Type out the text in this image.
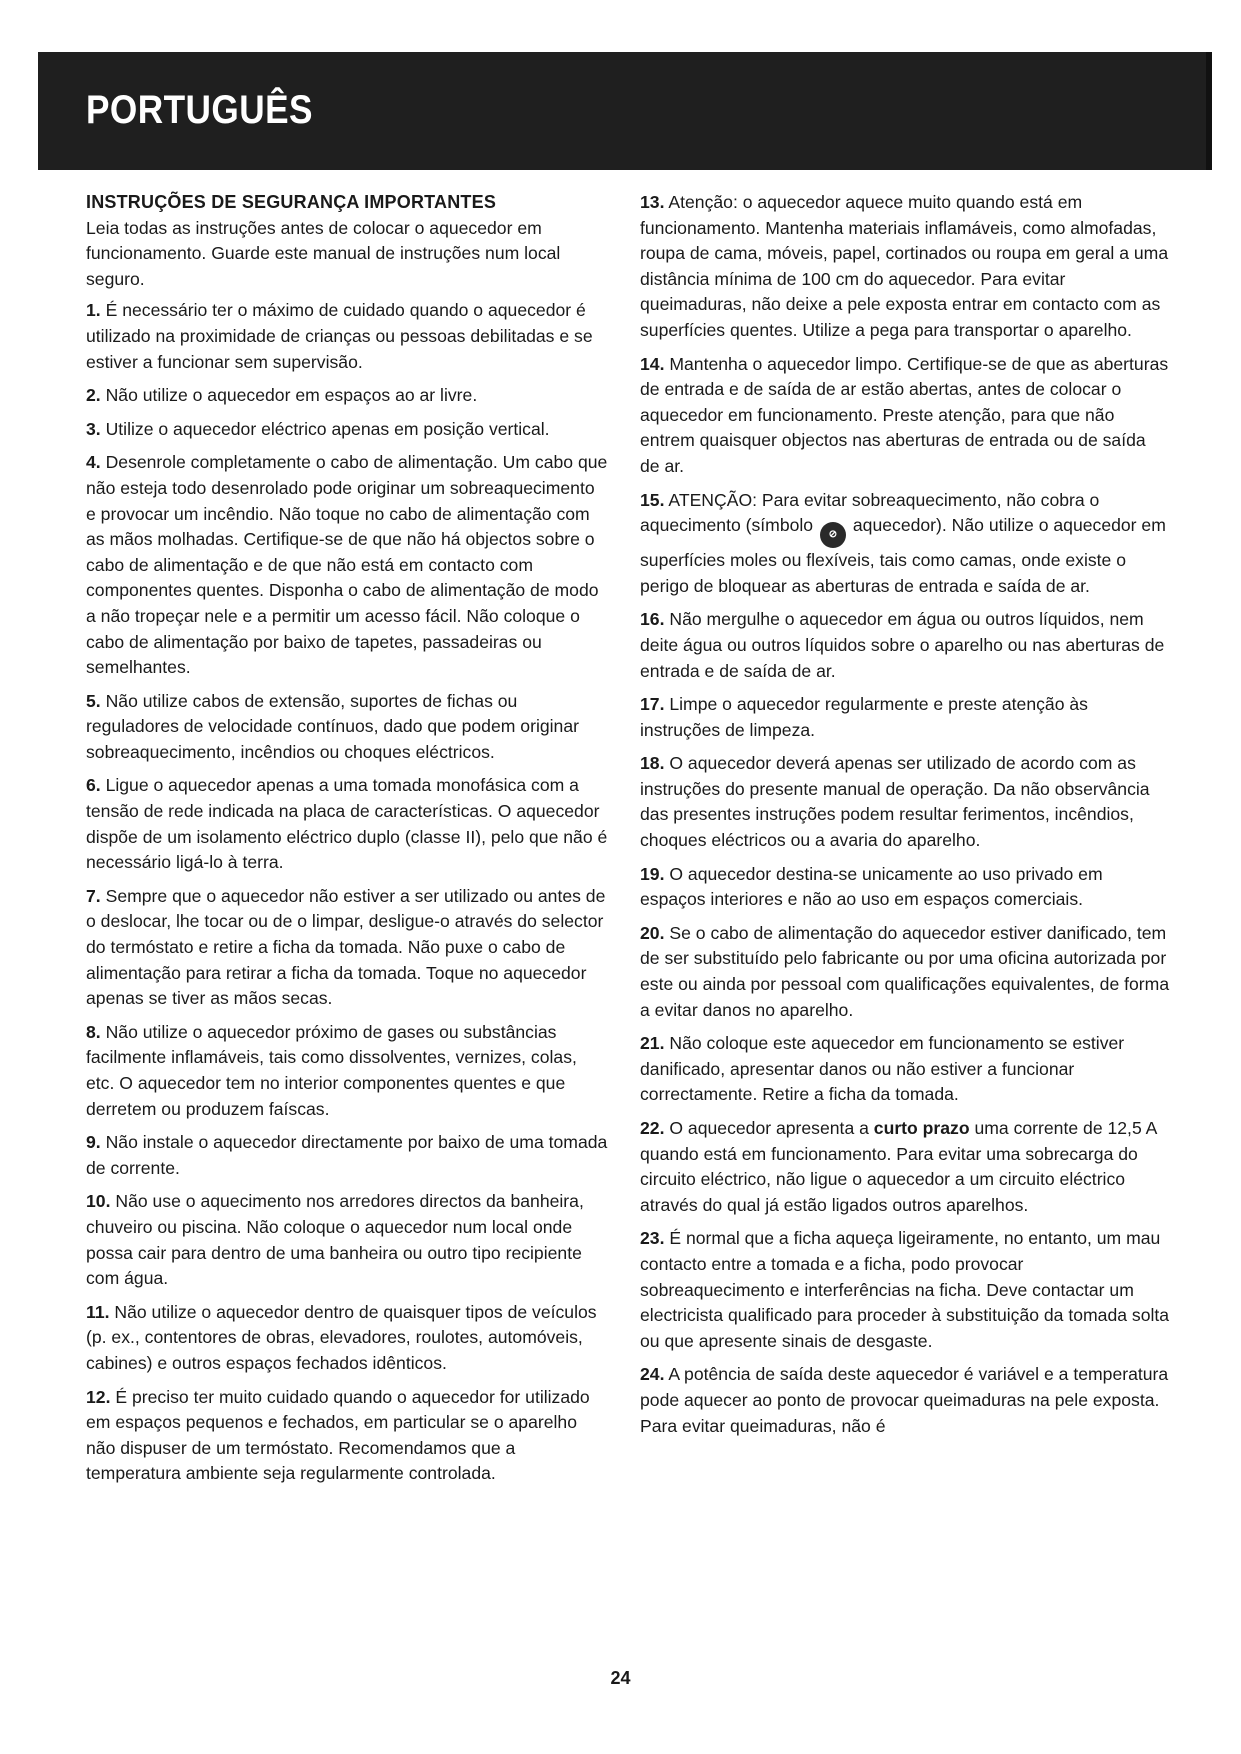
PORTUGUÊS
INSTRUÇÕES DE SEGURANÇA IMPORTANTES

Leia todas as instruções antes de colocar o aquecedor em funcionamento. Guarde este manual de instruções num local seguro.

1. É necessário ter o máximo de cuidado quando o aquecedor é utilizado na proximidade de crianças ou pessoas debilitadas e se estiver a funcionar sem supervisão.

2. Não utilize o aquecedor em espaços ao ar livre.

3. Utilize o aquecedor eléctrico apenas em posição vertical.

4. Desenrole completamente o cabo de alimentação. Um cabo que não esteja todo desenrolado pode originar um sobreaquecimento e provocar um incêndio. Não toque no cabo de alimentação com as mãos molhadas. Certifique-se de que não há objectos sobre o cabo de alimentação e de que não está em contacto com componentes quentes. Disponha o cabo de alimentação de modo a não tropeçar nele e a permitir um acesso fácil. Não coloque o cabo de alimentação por baixo de tapetes, passadeiras ou semelhantes.

5. Não utilize cabos de extensão, suportes de fichas ou reguladores de velocidade contínuos, dado que podem originar sobreaquecimento, incêndios ou choques eléctricos.

6. Ligue o aquecedor apenas a uma tomada monofásica com a tensão de rede indicada na placa de características. O aquecedor dispõe de um isolamento eléctrico duplo (classe II), pelo que não é necessário ligá-lo à terra.

7. Sempre que o aquecedor não estiver a ser utilizado ou antes de o deslocar, lhe tocar ou de o limpar, desligue-o através do selector do termóstato e retire a ficha da tomada. Não puxe o cabo de alimentação para retirar a ficha da tomada. Toque no aquecedor apenas se tiver as mãos secas.

8. Não utilize o aquecedor próximo de gases ou substâncias facilmente inflamáveis, tais como dissolventes, vernizes, colas, etc. O aquecedor tem no interior componentes quentes e que derretem ou produzem faíscas.

9. Não instale o aquecedor directamente por baixo de uma tomada de corrente.

10. Não use o aquecimento nos arredores directos da banheira, chuveiro ou piscina. Não coloque o aquecedor num local onde possa cair para dentro de uma banheira ou outro tipo recipiente com água.

11. Não utilize o aquecedor dentro de quaisquer tipos de veículos (p. ex., contentores de obras, elevadores, roulotes, automóveis, cabines) e outros espaços fechados idênticos.

12. É preciso ter muito cuidado quando o aquecedor for utilizado em espaços pequenos e fechados, em particular se o aparelho não dispuser de um termóstato. Recomendamos que a temperatura ambiente seja regularmente controlada.

13. Atenção: o aquecedor aquece muito quando está em funcionamento. Mantenha materiais inflamáveis, como almofadas, roupa de cama, móveis, papel, cortinados ou roupa em geral a uma distância mínima de 100 cm do aquecedor. Para evitar queimaduras, não deixe a pele exposta entrar em contacto com as superfícies quentes. Utilize a pega para transportar o aparelho.

14. Mantenha o aquecedor limpo. Certifique-se de que as aberturas de entrada e de saída de ar estão abertas, antes de colocar o aquecedor em funcionamento. Preste atenção, para que não entrem quaisquer objectos nas aberturas de entrada ou de saída de ar.

15. ATENÇÃO: Para evitar sobreaquecimento, não cobra o aquecimento (símbolo ⊘ aquecedor). Não utilize o aquecedor em superfícies moles ou flexíveis, tais como camas, onde existe o perigo de bloquear as aberturas de entrada e saída de ar.

16. Não mergulhe o aquecedor em água ou outros líquidos, nem deite água ou outros líquidos sobre o aparelho ou nas aberturas de entrada e de saída de ar.

17. Limpe o aquecedor regularmente e preste atenção às instruções de limpeza.

18. O aquecedor deverá apenas ser utilizado de acordo com as instruções do presente manual de operação. Da não observância das presentes instruções podem resultar ferimentos, incêndios, choques eléctricos ou a avaria do aparelho.

19. O aquecedor destina-se unicamente ao uso privado em espaços interiores e não ao uso em espaços comerciais.

20. Se o cabo de alimentação do aquecedor estiver danificado, tem de ser substituído pelo fabricante ou por uma oficina autorizada por este ou ainda por pessoal com qualificações equivalentes, de forma a evitar danos no aparelho.

21. Não coloque este aquecedor em funcionamento se estiver danificado, apresentar danos ou não estiver a funcionar correctamente. Retire a ficha da tomada.

22. O aquecedor apresenta a curto prazo uma corrente de 12,5 A quando está em funcionamento. Para evitar uma sobrecarga do circuito eléctrico, não ligue o aquecedor a um circuito eléctrico através do qual já estão ligados outros aparelhos.

23. É normal que a ficha aqueça ligeiramente, no entanto, um mau contacto entre a tomada e a ficha, podo provocar sobreaquecimento e interferências na ficha. Deve contactar um electricista qualificado para proceder à substituição da tomada solta ou que apresente sinais de desgaste.

24. A potência de saída deste aquecedor é variável e a temperatura pode aquecer ao ponto de provocar queimaduras na pele exposta. Para evitar queimaduras, não é

24
